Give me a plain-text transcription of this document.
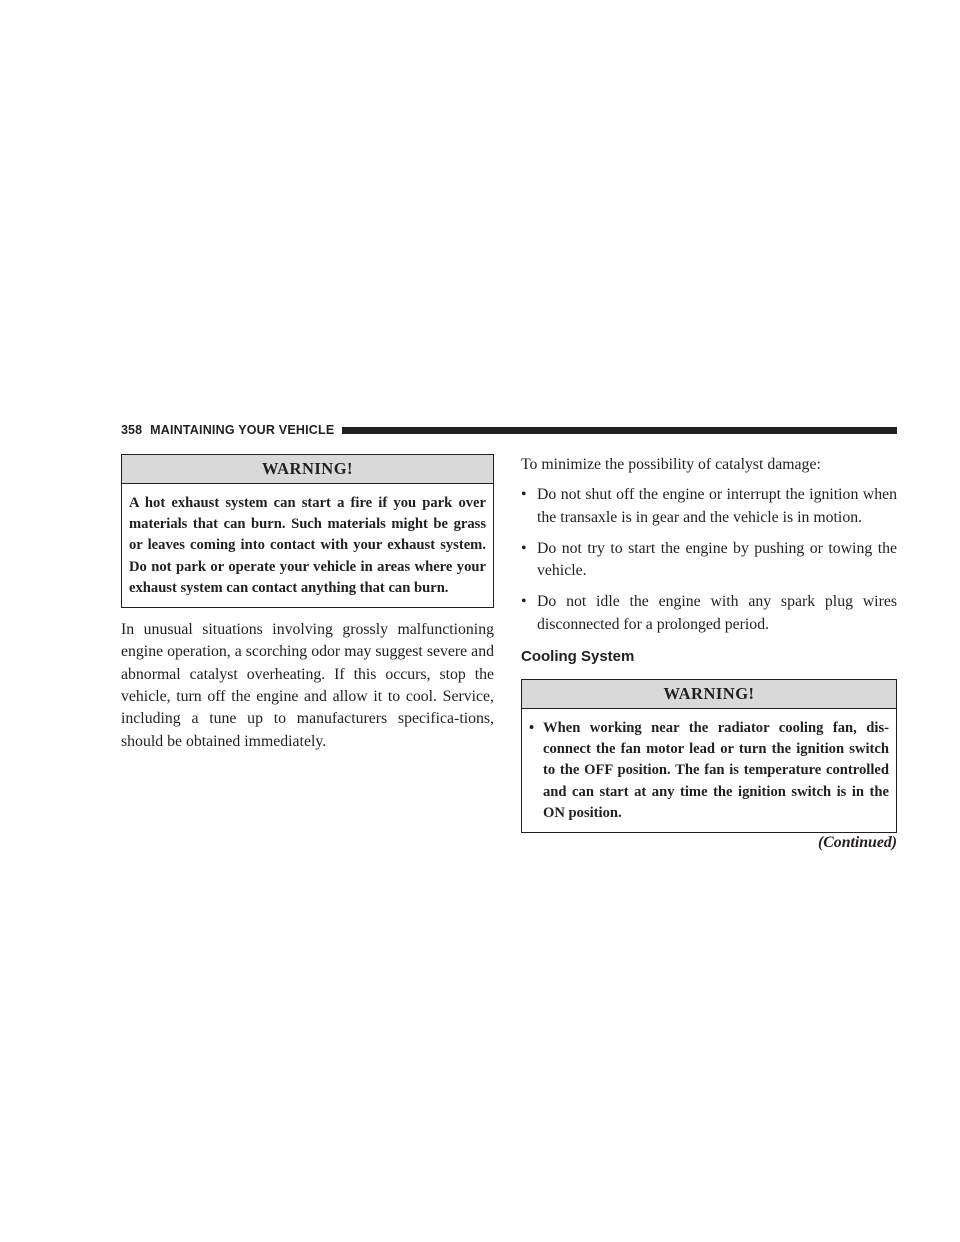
358 MAINTAINING YOUR VEHICLE
WARNING!
A hot exhaust system can start a fire if you park over materials that can burn. Such materials might be grass or leaves coming into contact with your exhaust system. Do not park or operate your vehicle in areas where your exhaust system can contact anything that can burn.

In unusual situations involving grossly malfunctioning engine operation, a scorching odor may suggest severe and abnormal catalyst overheating. If this occurs, stop the vehicle, turn off the engine and allow it to cool. Service, including a tune up to manufacturers specifica-tions, should be obtained immediately.

To minimize the possibility of catalyst damage:

• Do not shut off the engine or interrupt the ignition when the transaxle is in gear and the vehicle is in motion.
• Do not try to start the engine by pushing or towing the vehicle.
• Do not idle the engine with any spark plug wires disconnected for a prolonged period.
Cooling System
WARNING!
• When working near the radiator cooling fan, dis-connect the fan motor lead or turn the ignition switch to the OFF position. The fan is temperature controlled and can start at any time the ignition switch is in the ON position.
(Continued)
